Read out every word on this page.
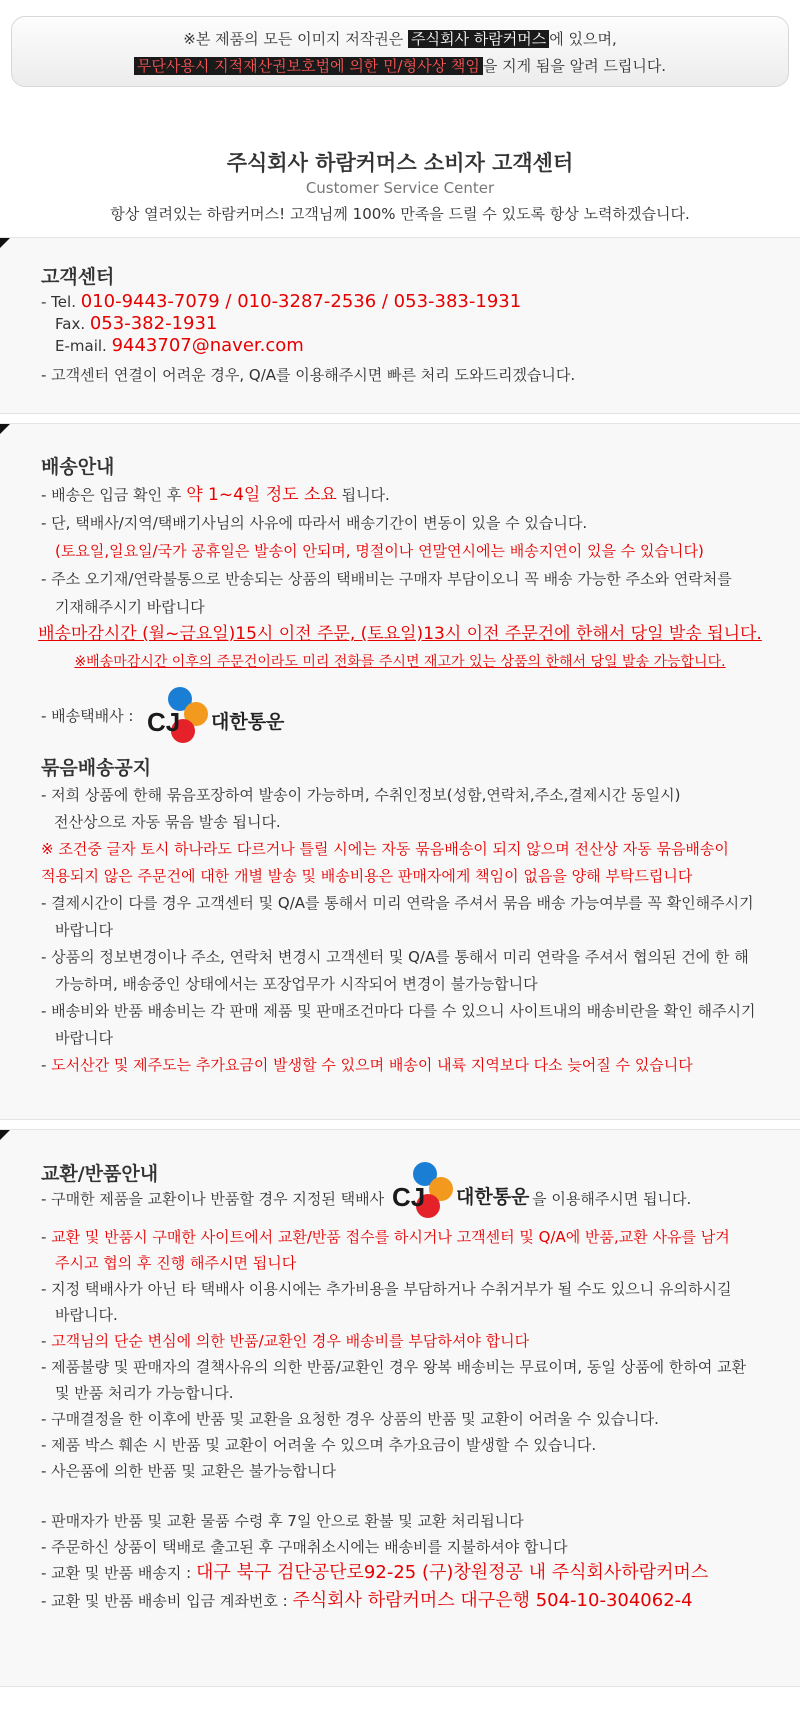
※본 제품의 모든 이미지 저작권은 주식회사 하람커머스 에 있으며,
무단사용시 지적재산권보호법에 의한 민/형사상 책임 을 지게 됨을 알려 드립니다.
주식회사 하람커머스 소비자 고객센터
Customer Service Center
항상 열려있는 하람커머스! 고객님께 100% 만족을 드릴 수 있도록 항상 노력하겠습니다.
고객센터
- Tel. 010-9443-7079 / 010-3287-2536 / 053-383-1931
Fax. 053-382-1931
E-mail. 9443707@naver.com
- 고객센터 연결이 어려운 경우, Q/A를 이용해주시면 빠른 처리 도와드리겠습니다.
배송안내
- 배송은 입금 확인 후 약 1~4일 정도 소요 됩니다.
- 단, 택배사/지역/택배기사님의 사유에 따라서 배송기간이 변동이 있을 수 있습니다.
(토요일,일요일/국가 공휴일은 발송이 안되며, 명절이나 연말연시에는 배송지연이 있을 수 있습니다)
- 주소 오기재/연락불통으로 반송되는 상품의 택배비는 구매자 부담이오니 꼭 배송 가능한 주소와 연락처를
기재해주시기 바랍니다
배송마감시간 (월~금요일)15시 이전 주문, (토요일)13시 이전 주문건에 한해서 당일 발송 됩니다.
※배송마감시간 이후의 주문건이라도 미리 전화를 주시면 재고가 있는 상품의 한해서 당일 발송 가능합니다.
- 배송택배사 : CJ 대한통운
묶음배송공지
- 저희 상품에 한해 묶음포장하여 발송이 가능하며, 수취인정보(성함,연락처,주소,결제시간 동일시)
전산상으로 자동 묶음 발송 됩니다.
※ 조건중 글자 토시 하나라도 다르거나 틀릴 시에는 자동 묶음배송이 되지 않으며 전산상 자동 묶음배송이
적용되지 않은 주문건에 대한 개별 발송 및 배송비용은 판매자에게 책임이 없음을 양해 부탁드립니다
- 결제시간이 다를 경우 고객센터 및 Q/A를 통해서 미리 연락을 주셔서 묶음 배송 가능여부를 꼭 확인해주시기
바랍니다
- 상품의 정보변경이나 주소, 연락처 변경시 고객센터 및 Q/A를 통해서 미리 연락을 주셔서 협의된 건에 한 해
가능하며, 배송중인 상태에서는 포장업무가 시작되어 변경이 불가능합니다
- 배송비와 반품 배송비는 각 판매 제품 및 판매조건마다 다를 수 있으니 사이트내의 배송비란을 확인 해주시기
바랍니다
- 도서산간 및 제주도는 추가요금이 발생할 수 있으며 배송이 내륙 지역보다 다소 늦어질 수 있습니다
교환/반품안내
- 구매한 제품을 교환이나 반품할 경우 지정된 택배사 CJ 대한통운 을 이용해주시면 됩니다.
- 교환 및 반품시 구매한 사이트에서 교환/반품 접수를 하시거나 고객센터 및 Q/A에 반품,교환 사유를 남겨
주시고 협의 후 진행 해주시면 됩니다
- 지정 택배사가 아닌 타 택배사 이용시에는 추가비용을 부담하거나 수취거부가 될 수도 있으니 유의하시길
바랍니다.
- 고객님의 단순 변심에 의한 반품/교환인 경우 배송비를 부담하셔야 합니다
- 제품불량 및 판매자의 결책사유의 의한 반품/교환인 경우 왕복 배송비는 무료이며, 동일 상품에 한하여 교환
및 반품 처리가 가능합니다.
- 구매결정을 한 이후에 반품 및 교환을 요청한 경우 상품의 반품 및 교환이 어려울 수 있습니다.
- 제품 박스 훼손 시 반품 및 교환이 어려울 수 있으며 추가요금이 발생할 수 있습니다.
- 사은품에 의한 반품 및 교환은 불가능합니다
- 판매자가 반품 및 교환 물품 수령 후 7일 안으로 환불 및 교환 처리됩니다
- 주문하신 상품이 택배로 출고된 후 구매취소시에는 배송비를 지불하셔야 합니다
- 교환 및 반품 배송지 : 대구 북구 검단공단로92-25 (구)창원정공 내 주식회사하람커머스
- 교환 및 반품 배송비 입금 계좌번호 : 주식회사 하람커머스 대구은행 504-10-304062-4
